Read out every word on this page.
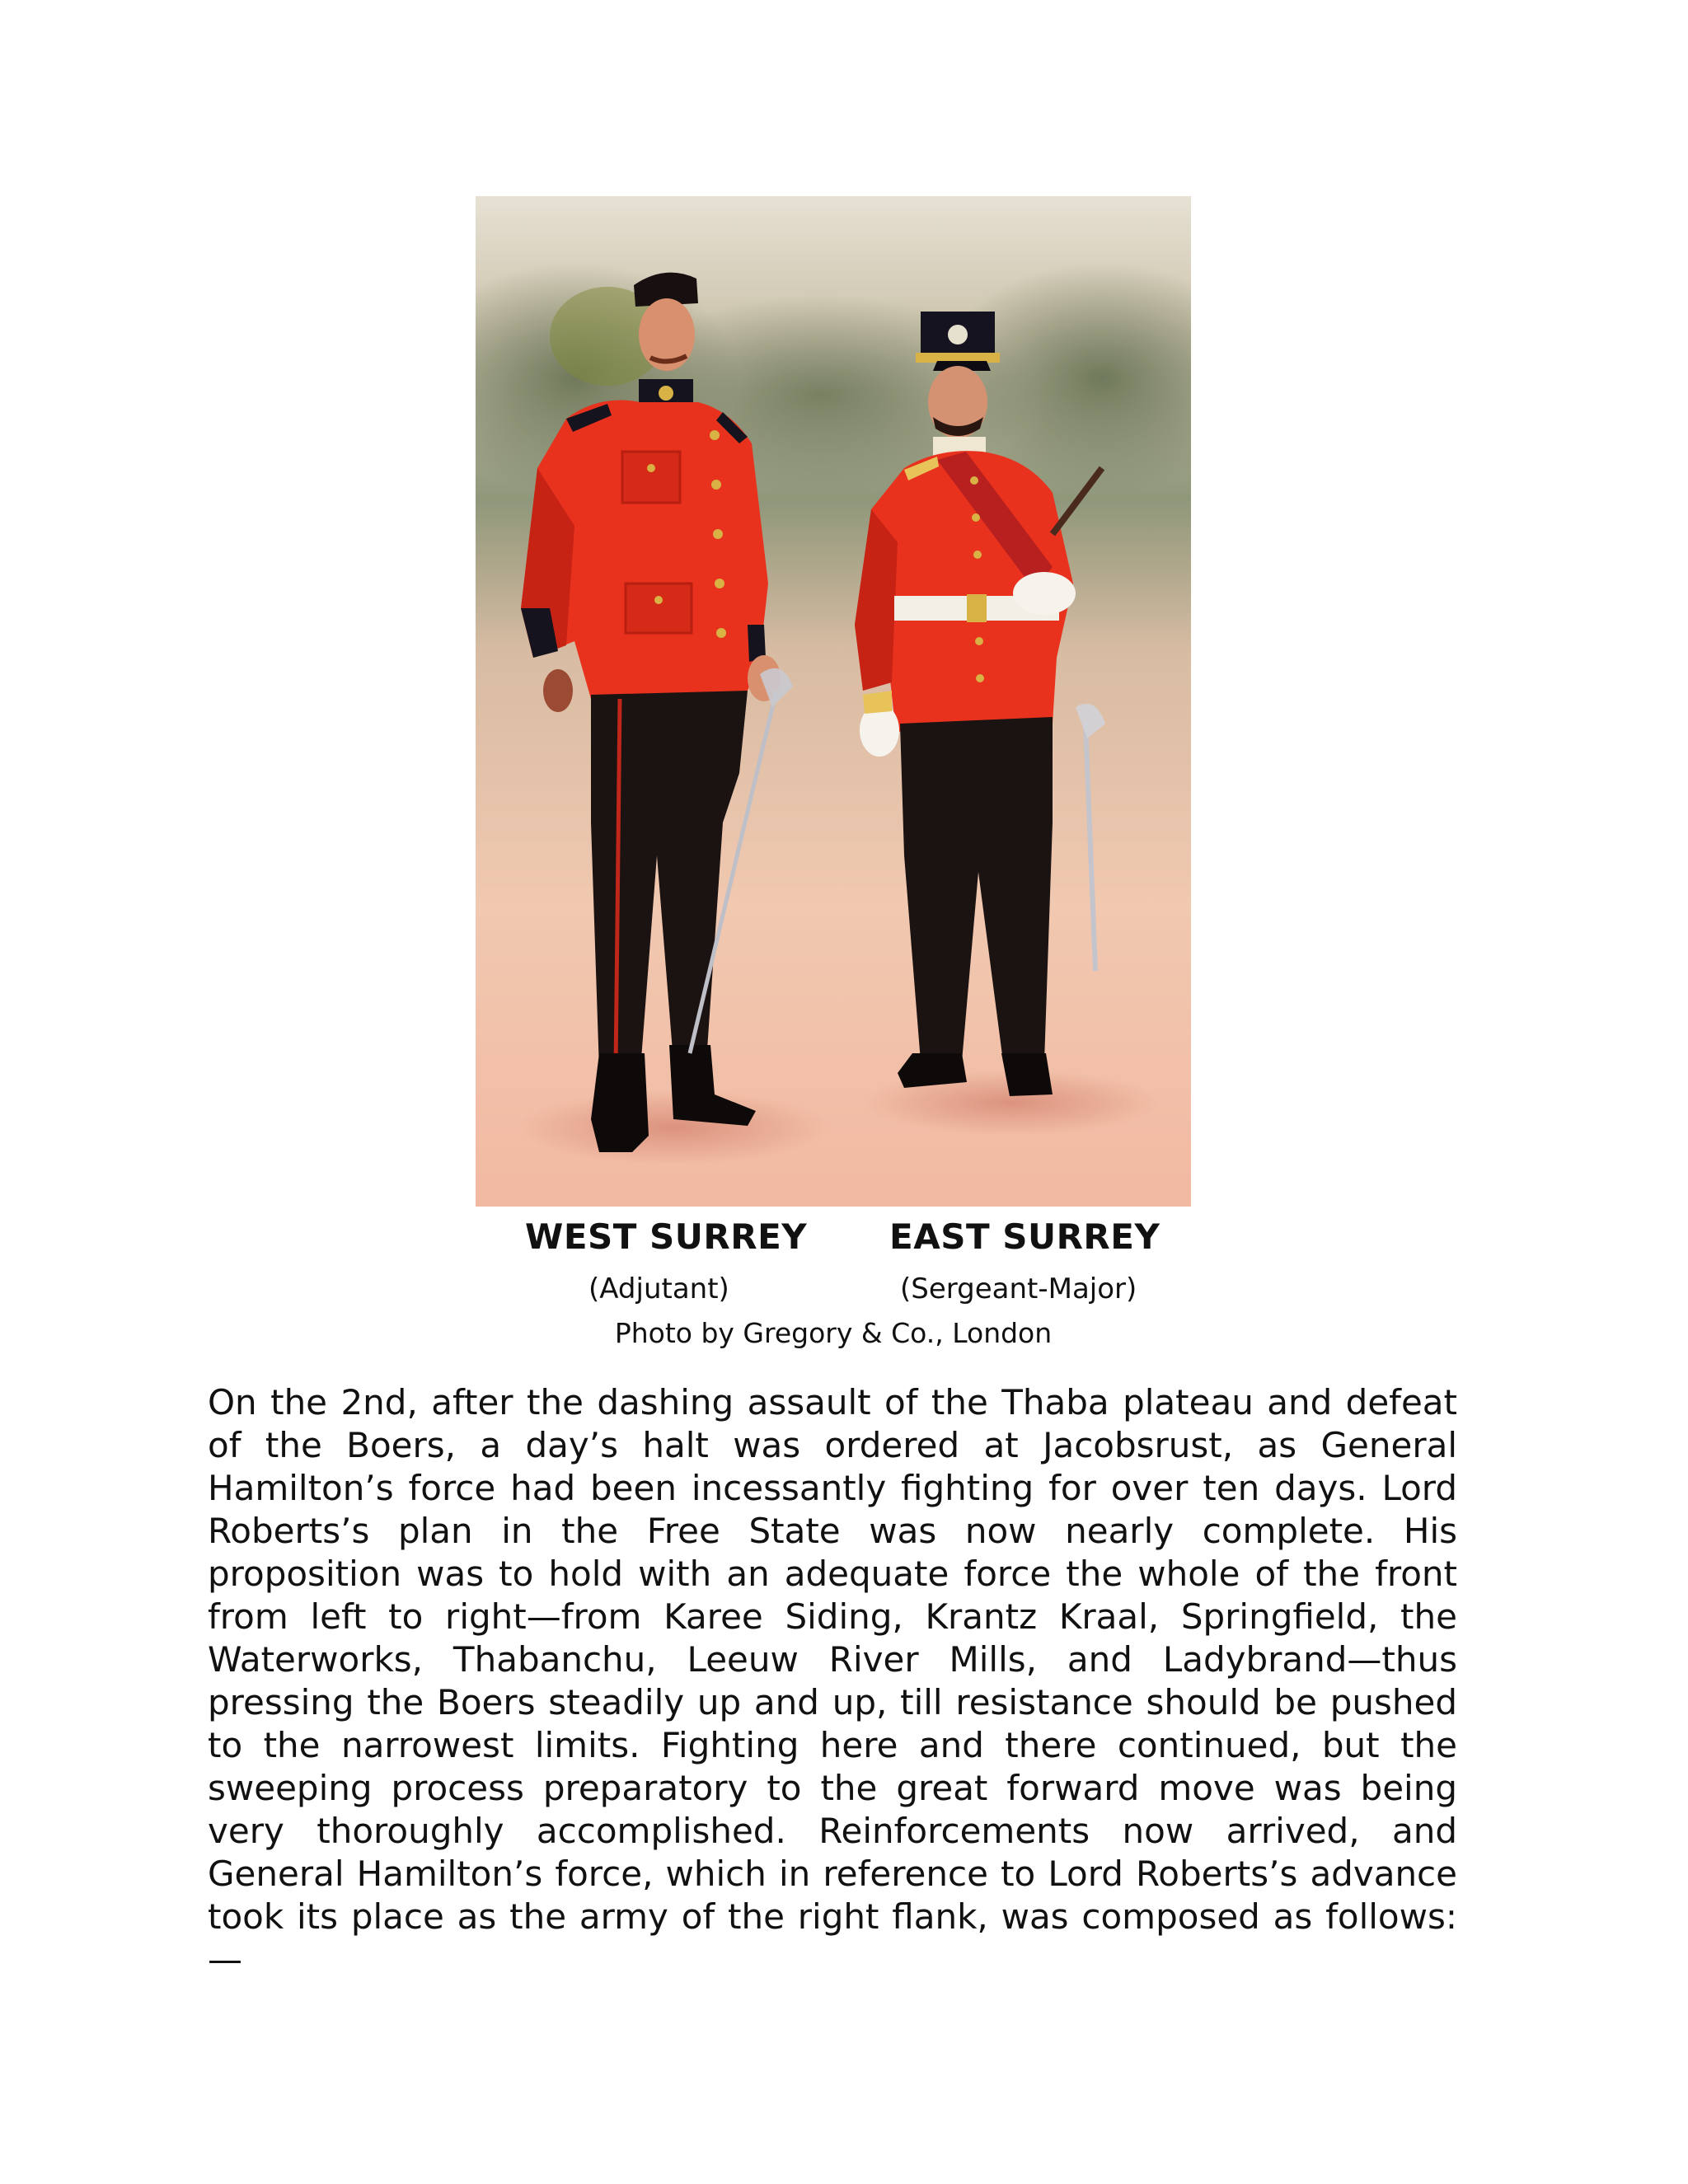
WEST SURREY EAST SURREY
(Adjutant)	(Sergeant-Major)
Photo by Gregory & Co., London

On the 2nd, after the dashing assault of the Thaba plateau and defeat of the Boers, a day’s halt was ordered at Jacobsrust, as General Hamilton’s force had been incessantly fighting for over ten days. Lord Roberts’s plan in the Free State was now nearly complete. His proposition was to hold with an adequate force the whole of the front from left to right—from Karee Siding, Krantz Kraal, Springfield, the Waterworks, Thabanchu, Leeuw River Mills, and Ladybrand—thus pressing the Boers steadily up and up, till resistance should be pushed to the narrowest limits. Fighting here and there continued, but the sweeping process preparatory to the great forward move was being very thoroughly accomplished. Reinforcements now arrived, and General Hamilton’s force, which in reference to Lord Roberts’s advance took its place as the army of the right flank, was composed as follows:—
